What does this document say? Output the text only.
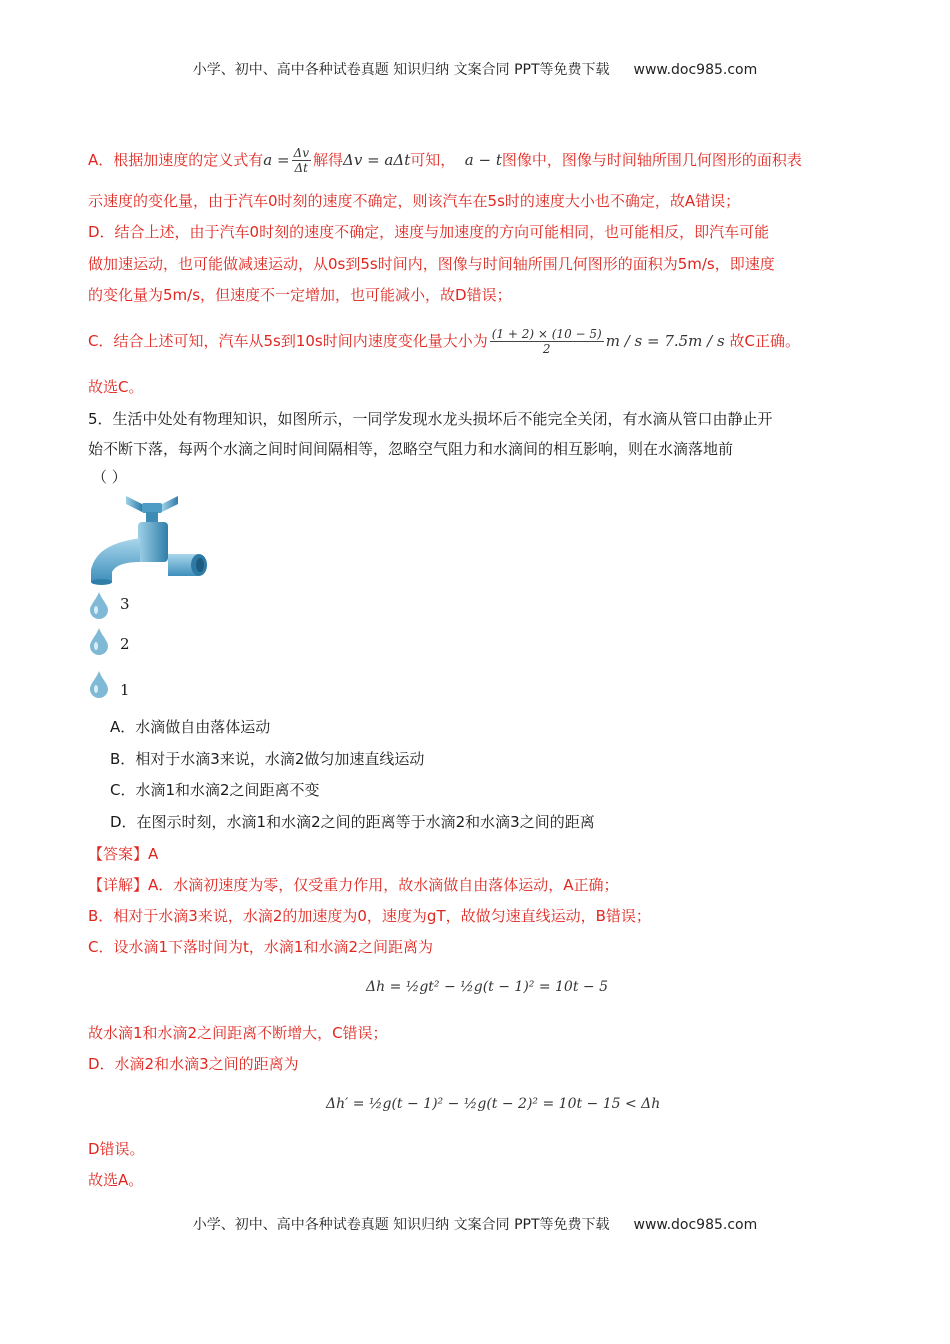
小学、初中、高中各种试卷真题 知识归纳 文案合同 PPT等免费下载 www.doc985.com
A．根据加速度的定义式有$a = \frac{\Delta v}{\Delta t}$ 解得Δv = aΔt可知， a − t图像中，图像与时间轴所围几何图形的面积表
示速度的变化量，由于汽车0时刻的速度不确定，则该汽车在5s时的速度大小也不确定，故A错误；
D．结合上述，由于汽车0时刻的速度不确定，速度与加速度的方向可能相同，也可能相反，即汽车可能
做加速运动，也可能做减速运动，从0s到5s时间内，图像与时间轴所围几何图形的面积为5m/s，即速度
的变化量为5m/s，但速度不一定增加，也可能减小，故D错误；
C．结合上述可知，汽车从5s到10s时间内速度变化量大小为 $\frac{(1 + 2) \times (10 - 5)}{2}$ m / s = 7.5m / s 故C正确。
故选C。
5．生活中处处有物理知识，如图所示，一同学发现水龙头损坏后不能完全关闭，有水滴从管口由静止开
始不断下落，每两个水滴之间时间间隔相等，忽略空气阻力和水滴间的相互影响，则在水滴落地前
（ ）
3
2
1
A．水滴做自由落体运动
B．相对于水滴3来说，水滴2做匀加速直线运动
C．水滴1和水滴2之间距离不变
D．在图示时刻，水滴1和水滴2之间的距离等于水滴2和水滴3之间的距离
【答案】A
【详解】A．水滴初速度为零，仅受重力作用，故水滴做自由落体运动，A正确；
B．相对于水滴3来说，水滴2的加速度为0，速度为gT，故做匀速直线运动，B错误；
C．设水滴1下落时间为t，水滴1和水滴2之间距离为
Δh = ½gt² − ½g(t − 1)² = 10t − 5
故水滴1和水滴2之间距离不断增大，C错误；
D．水滴2和水滴3之间的距离为
Δh′ = ½g(t − 1)² − ½g(t − 2)² = 10t − 15 < Δh
D错误。
故选A。
小学、初中、高中各种试卷真题 知识归纳 文案合同 PPT等免费下载 www.doc985.com
